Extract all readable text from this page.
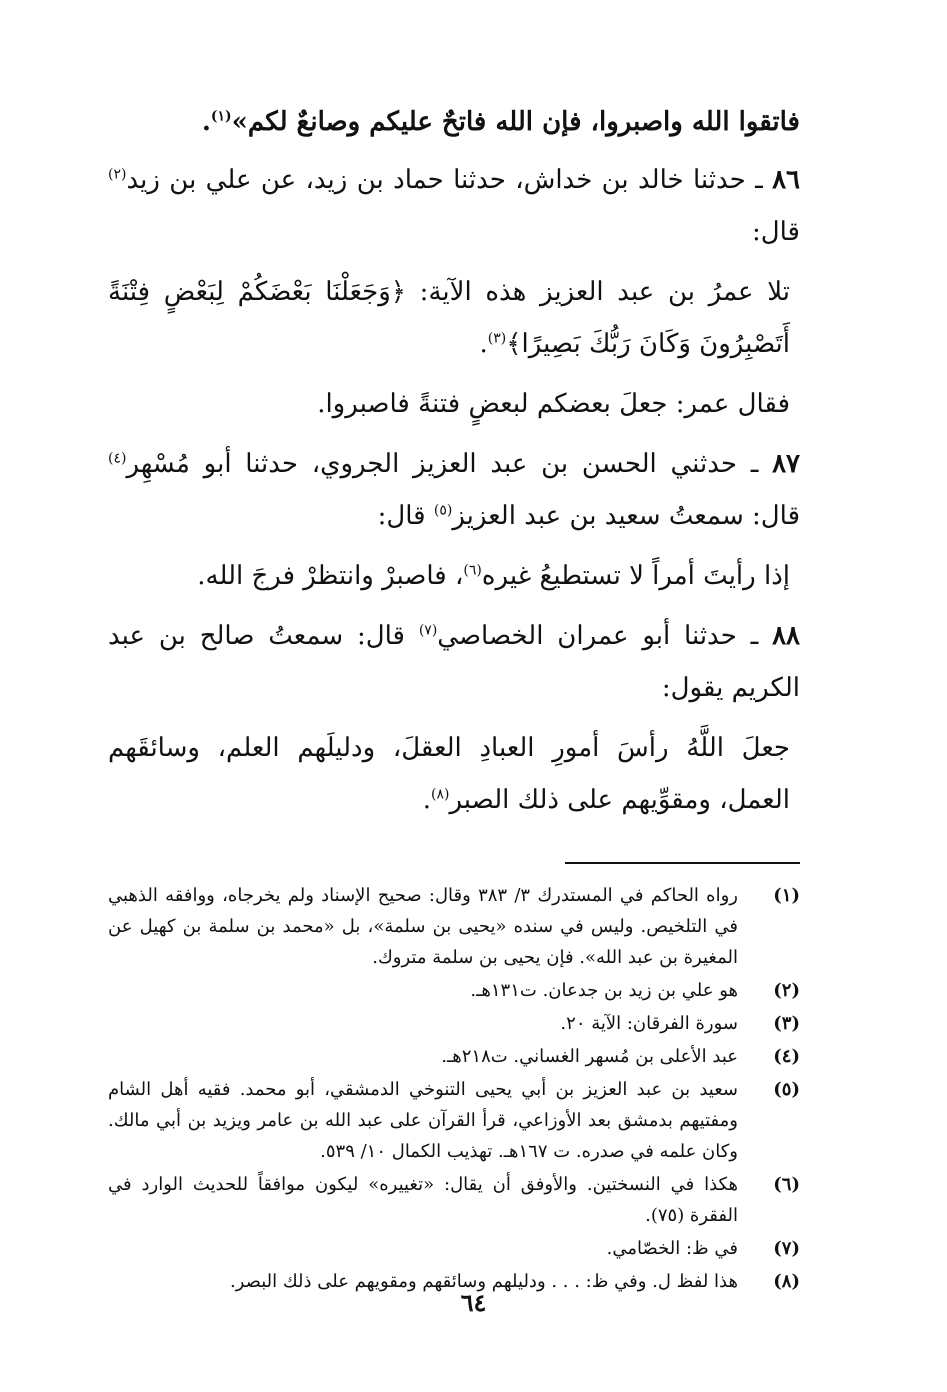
فاتقوا الله واصبروا، فإن الله فاتحٌ عليكم وصانعٌ لكم»$^{(١)}$.

٨٦ ـ حدثنا خالد بن خداش، حدثنا حماد بن زيد، عن علي بن زيد$^{(٢)}$ قال:

تلا عمرُ بن عبد العزيز هذه الآية: ﴿وَجَعَلْنَا بَعْضَكُمْ لِبَعْضٍ فِتْنَةً أَتَصْبِرُونَ وَكَانَ رَبُّكَ بَصِيرًا﴾$^{(٣)}$.

فقال عمر: جعلَ بعضكم لبعضٍ فتنةً فاصبروا.

٨٧ ـ حدثني الحسن بن عبد العزيز الجروي، حدثنا أبو مُسْهِر$^{(٤)}$ قال: سمعتُ سعيد بن عبد العزيز$^{(٥)}$ قال:

إذا رأيتَ أمراً لا تستطيعُ غيره$^{(٦)}$، فاصبرْ وانتظرْ فرجَ الله.

٨٨ ـ حدثنا أبو عمران الخصاصي$^{(٧)}$ قال: سمعتُ صالح بن عبد الكريم يقول:

جعلَ اللَّهُ رأسَ أمورِ العبادِ العقلَ، ودليلَهم العلم، وسائقَهم العمل، ومقوِّيهم على ذلك الصبر$^{(٨)}$.

(١)
رواه الحاكم في المستدرك ٣/ ٣٨٣ وقال: صحيح الإسناد ولم يخرجاه، ووافقه الذهبي في التلخيص. وليس في سنده «يحيى بن سلمة»، بل «محمد بن سلمة بن كهيل عن المغيرة بن عبد الله». فإن يحيى بن سلمة متروك.
(٢)
هو علي بن زيد بن جدعان. ت١٣١هـ.
(٣)
سورة الفرقان: الآية ٢٠.
(٤)
عبد الأعلى بن مُسهر الغساني. ت٢١٨هـ.
(٥)
سعيد بن عبد العزيز بن أبي يحيى التنوخي الدمشقي، أبو محمد. فقيه أهل الشام ومفتيهم بدمشق بعد الأوزاعي، قرأ القرآن على عبد الله بن عامر ويزيد بن أبي مالك. وكان علمه في صدره. ت ١٦٧هـ. تهذيب الكمال ١٠/ ٥٣٩.
(٦)
هكذا في النسختين. والأوفق أن يقال: «تغييره» ليكون موافقاً للحديث الوارد في الفقرة (٧٥).
(٧)
في ظ: الخصّامي.
(٨)
هذا لفظ ل. وفي ظ: . . . ودليلهم وسائقهم ومقويهم على ذلك البصر.
٦٤
